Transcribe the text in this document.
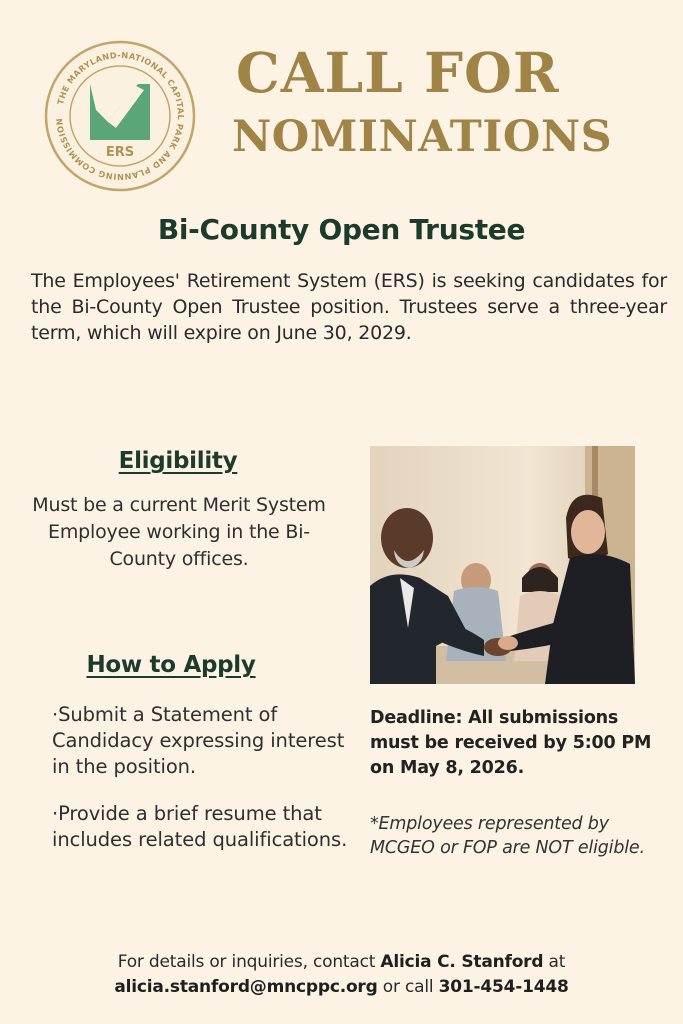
THE MARYLAND-NATIONAL CAPITAL PARK AND PLANNING COMMISSION
ERS
CALL FOR
NOMINATIONS
Bi-County Open Trustee

The Employees' Retirement System (ERS) is seeking candidates for the Bi-County Open Trustee position. Trustees serve a three-year term, which will expire on June 30, 2029.

Eligibility

Must be a current Merit System Employee working in the Bi-County offices.

How to Apply

·Submit a Statement of Candidacy expressing interest in the position.

·Provide a brief resume that includes related qualifications.

Deadline: All submissions must be received by 5:00 PM on May 8, 2026.

*Employees represented by MCGEO or FOP are NOT eligible.

For details or inquiries, contact Alicia C. Stanford at
alicia.stanford@mncppc.org or call 301-454-1448
